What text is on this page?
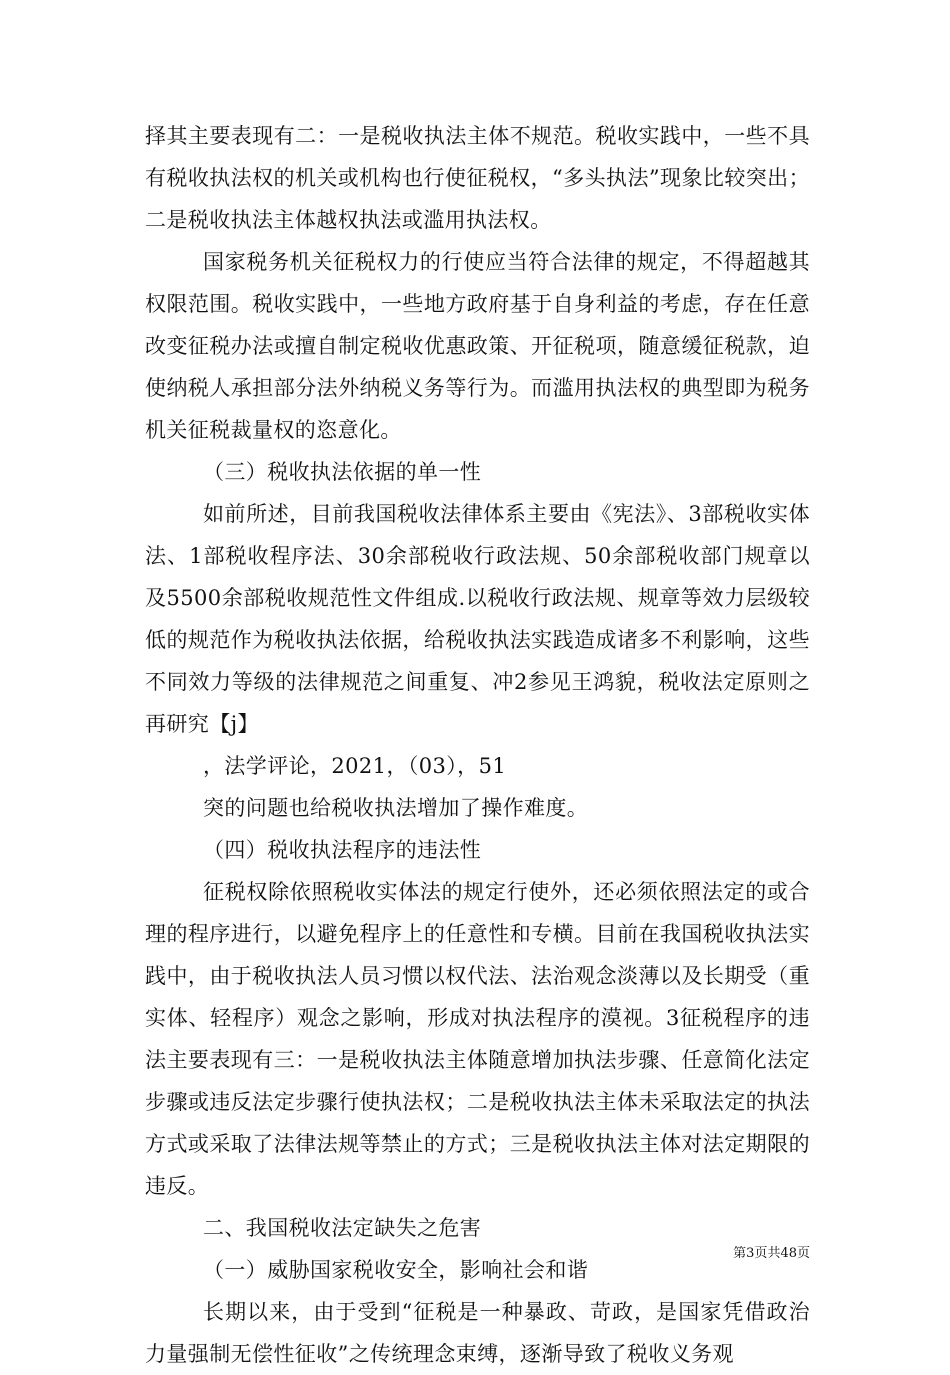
择其主要表现有二：一是税收执法主体不规范。税收实践中，一些不具有税收执法权的机关或机构也行使征税权，“多头执法”现象比较突出；二是税收执法主体越权执法或滥用执法权。

国家税务机关征税权力的行使应当符合法律的规定，不得超越其权限范围。税收实践中，一些地方政府基于自身利益的考虑，存在任意改变征税办法或擅自制定税收优惠政策、开征税项，随意缓征税款，迫使纳税人承担部分法外纳税义务等行为。而滥用执法权的典型即为税务机关征税裁量权的恣意化。

（三）税收执法依据的单一性

如前所述，目前我国税收法律体系主要由《宪法》、3部税收实体法、1部税收程序法、30余部税收行政法规、50余部税收部门规章以及5500余部税收规范性文件组成.以税收行政法规、规章等效力层级较低的规范作为税收执法依据，给税收执法实践造成诸多不利影响，这些不同效力等级的法律规范之间重复、冲2参见王鸿貌，税收法定原则之再研究【j】

，法学评论，2021，（03），51

突的问题也给税收执法增加了操作难度。

（四）税收执法程序的违法性

征税权除依照税收实体法的规定行使外，还必须依照法定的或合理的程序进行，以避免程序上的任意性和专横。目前在我国税收执法实践中，由于税收执法人员习惯以权代法、法治观念淡薄以及长期受（重实体、轻程序）观念之影响，形成对执法程序的漠视。3征税程序的违法主要表现有三：一是税收执法主体随意增加执法步骤、任意简化法定步骤或违反法定步骤行使执法权；二是税收执法主体未采取法定的执法方式或采取了法律法规等禁止的方式；三是税收执法主体对法定期限的违反。

二、我国税收法定缺失之危害

（一）威胁国家税收安全，影响社会和谐

长期以来，由于受到“征税是一种暴政、苛政，是国家凭借政治力量强制无偿性征收”之传统理念束缚，逐渐导致了税收义务观

第3页共48页
